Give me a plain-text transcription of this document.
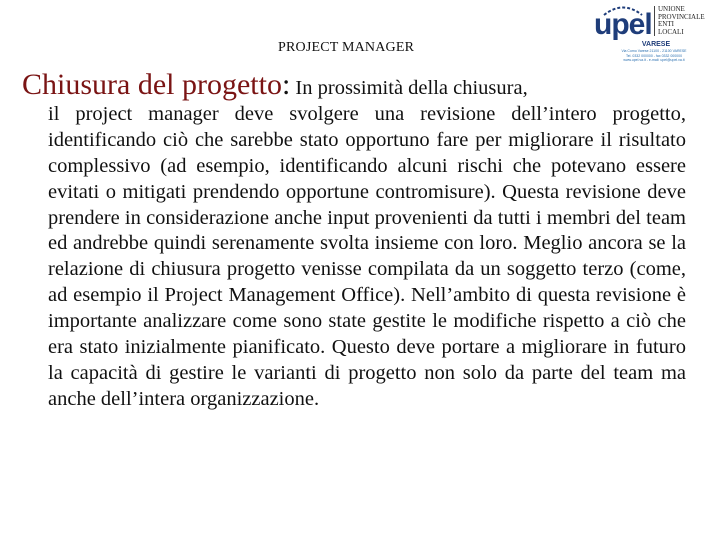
PROJECT MANAGER
upel UNIONE
PROVINCIALE
ENTI
LOCALI
VARESE
Via Como Varese 21100 - 21100 VARESE
Tel. 0332 000000 - fax 0332 000000
www.upel.va.it - e-mail: upel@upel.va.it
Chiusura del progetto: In prossimità della chiusura,
il project manager deve svolgere una revisione dell’intero progetto, identificando ciò che sarebbe stato opportuno fare per migliorare il risultato complessivo (ad esempio, identificando alcuni rischi che potevano essere evitati o mitigati prendendo opportune contromisure). Questa revisione deve prendere in considerazione anche input provenienti da tutti i membri del team ed andrebbe quindi serenamente svolta insieme con loro. Meglio ancora se la relazione di chiusura progetto venisse compilata da un soggetto terzo (come, ad esempio il Project Management Office). Nell’ambito di questa revisione è importante analizzare come sono state gestite le modifiche rispetto a ciò che era stato inizialmente pianificato. Questo deve portare a migliorare in futuro la capacità di gestire le varianti di progetto non solo da parte del team ma anche dell’intera organizzazione.
